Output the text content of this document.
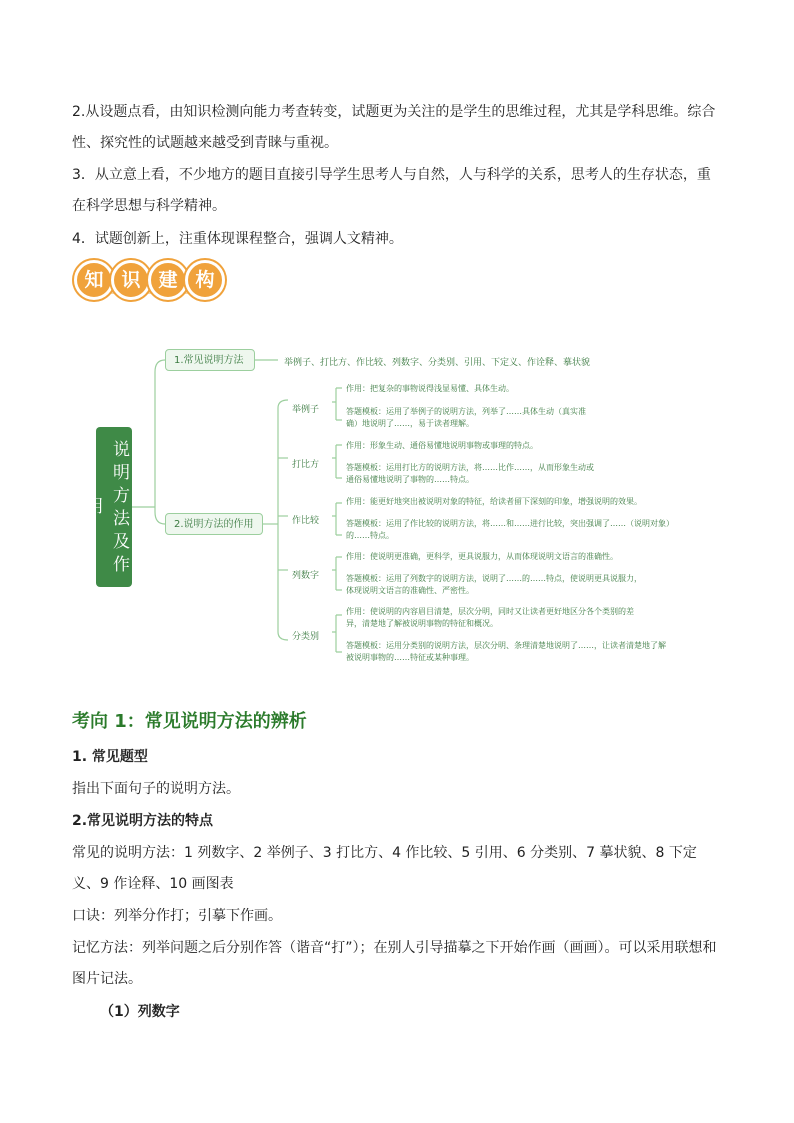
2.从设题点看，由知识检测向能力考查转变，试题更为关注的是学生的思维过程，尤其是学科思维。综合性、探究性的试题越来越受到青睐与重视。

3．从立意上看，不少地方的题目直接引导学生思考人与自然，人与科学的关系，思考人的生存状态，重在科学思想与科学精神。

4．试题创新上，注重体现课程整合，强调人文精神。

知 识 建 构
说明方法及作用
1.常见说明方法	举例子、打比方、作比较、列数字、分类别、引用、下定义、作诠释、摹状貌
2.说明方法的作用
举例子
作用：把复杂的事物说得浅显易懂、具体生动。
答题模板：运用了举例子的说明方法，列举了……具体生动（真实准确）地说明了……，易于读者理解。
打比方
作用：形象生动、通俗易懂地说明事物或事理的特点。
答题模板：运用打比方的说明方法，将……比作……，从而形象生动或通俗易懂地说明了事物的……特点。
作比较
作用：能更好地突出被说明对象的特征，给读者留下深刻的印象，增强说明的效果。
答题模板：运用了作比较的说明方法，将……和……进行比较，突出强调了……（说明对象）的……特点。
列数字
作用：使说明更准确，更科学，更具说服力，从而体现说明文语言的准确性。
答题模板：运用了列数字的说明方法，说明了……的……特点，使说明更具说服力，体现说明文语言的准确性、严密性。
分类别
作用：使说明的内容眉目清楚，层次分明，同时又让读者更好地区分各个类别的差异，清楚地了解被说明事物的特征和概况。
答题模板：运用分类别的说明方法，层次分明、条理清楚地说明了……，让读者清楚地了解被说明事物的……特征或某种事理。
考向 1：常见说明方法的辨析

1. 常见题型

指出下面句子的说明方法。

2.常见说明方法的特点

常见的说明方法：1 列数字、2 举例子、3 打比方、4 作比较、5 引用、6 分类别、7 摹状貌、8 下定义、9 作诠释、10 画图表

口诀：列举分作打；引摹下作画。

记忆方法：列举问题之后分别作答（谐音“打”）；在别人引导描摹之下开始作画（画画）。可以采用联想和图片记法。

（1）列数字
